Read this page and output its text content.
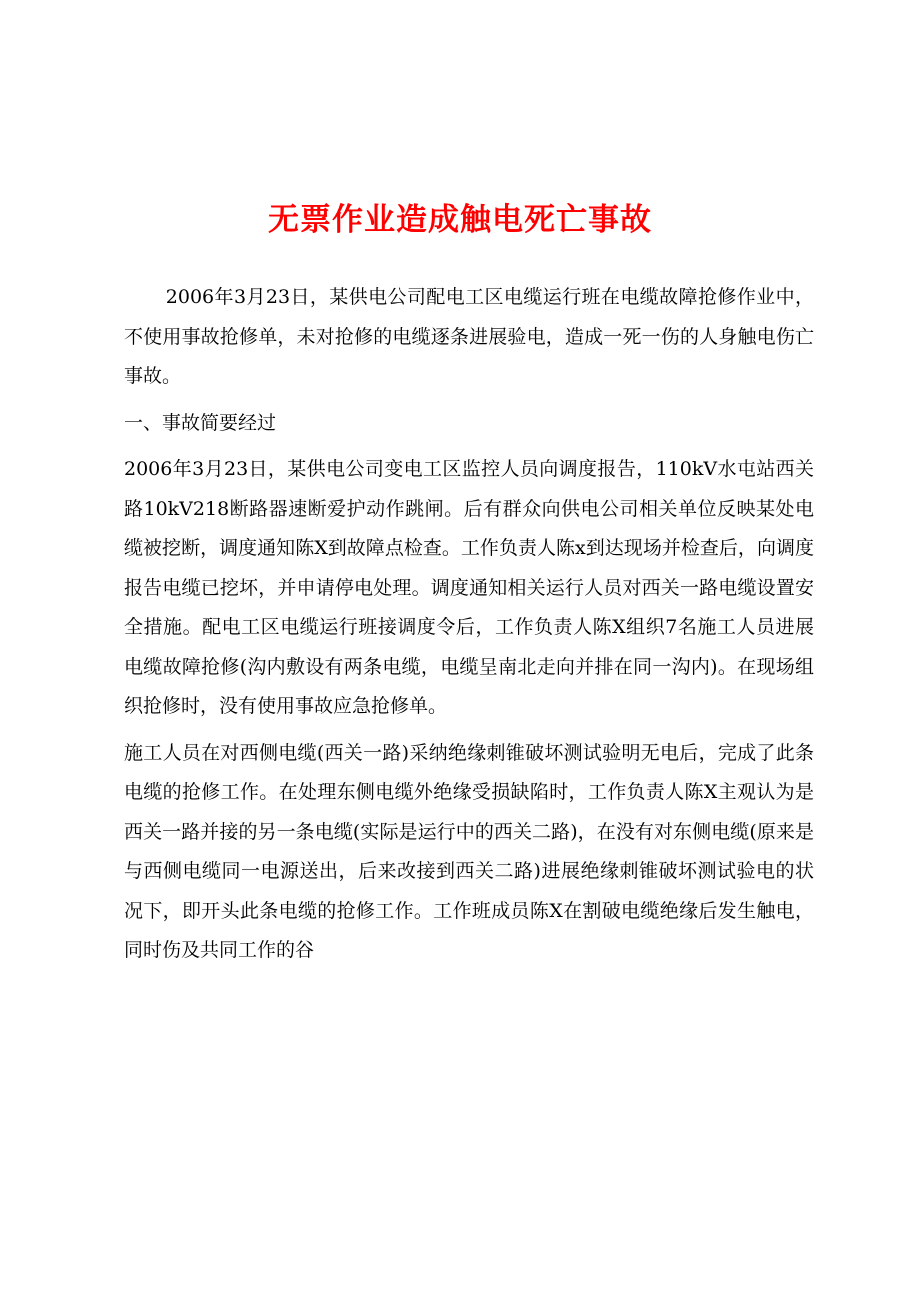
无票作业造成触电死亡事故

2006年3月23日，某供电公司配电工区电缆运行班在电缆故障抢修作业中，不使用事故抢修单，未对抢修的电缆逐条进展验电，造成一死一伤的人身触电伤亡事故。

一、事故简要经过

2006年3月23日，某供电公司变电工区监控人员向调度报告，110kV水屯站西关路10kV218断路器速断爱护动作跳闸。后有群众向供电公司相关单位反映某处电缆被挖断，调度通知陈X到故障点检查。工作负责人陈x到达现场并检查后，向调度报告电缆已挖坏，并申请停电处理。调度通知相关运行人员对西关一路电缆设置安全措施。配电工区电缆运行班接调度令后，工作负责人陈X组织7名施工人员进展电缆故障抢修(沟内敷设有两条电缆，电缆呈南北走向并排在同一沟内)。在现场组织抢修时，没有使用事故应急抢修单。

施工人员在对西侧电缆(西关一路)采纳绝缘刺锥破坏测试验明无电后，完成了此条电缆的抢修工作。在处理东侧电缆外绝缘受损缺陷时，工作负责人陈X主观认为是西关一路并接的另一条电缆(实际是运行中的西关二路)，在没有对东侧电缆(原来是与西侧电缆同一电源送出，后来改接到西关二路)进展绝缘刺锥破坏测试验电的状况下，即开头此条电缆的抢修工作。工作班成员陈X在割破电缆绝缘后发生触电，同时伤及共同工作的谷
